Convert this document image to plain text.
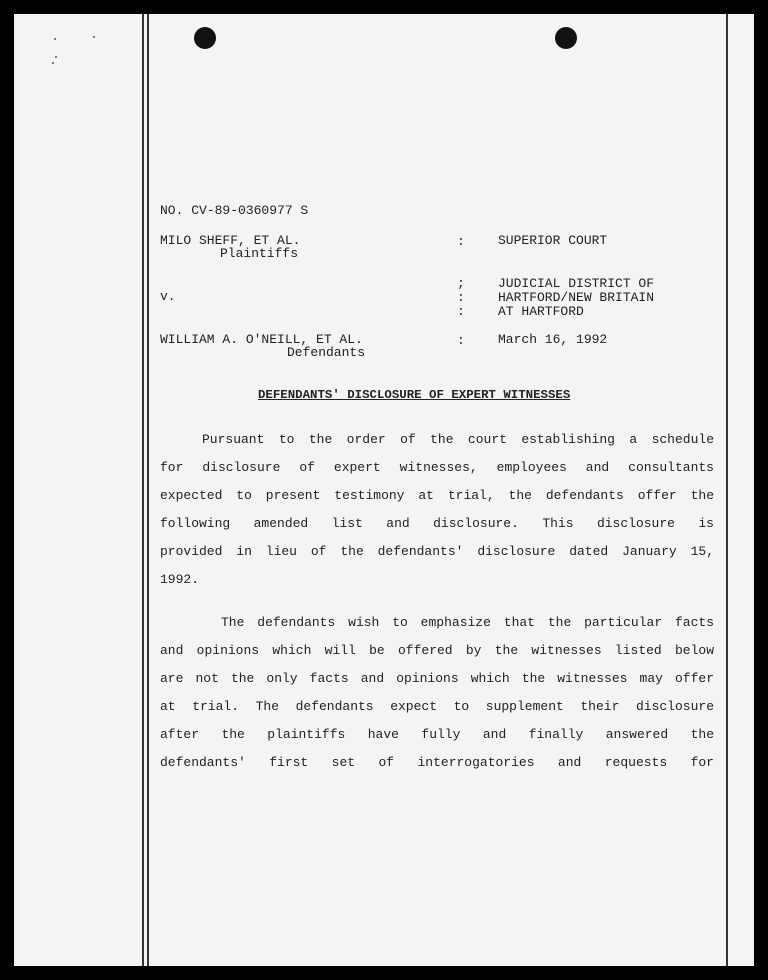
NO. CV-89-0360977 S
MILO SHEFF, ET AL.
Plaintiffs
v.
WILLIAM A. O'NEILL, ET AL.
Defendants
:
;
:
:
:
SUPERIOR COURT
JUDICIAL DISTRICT OF
HARTFORD/NEW BRITAIN
AT HARTFORD
March 16, 1992
DEFENDANTS' DISCLOSURE OF EXPERT WITNESSES
Pursuant to the order of the court establishing a schedule
for disclosure of expert witnesses, employees and consultants
expected to present testimony at trial, the defendants offer the
following amended list and disclosure. This disclosure is
provided in lieu of the defendants' disclosure dated January 15,
1992.
The defendants wish to emphasize that the particular facts
and opinions which will be offered by the witnesses listed below
are not the only facts and opinions which the witnesses may offer
at trial. The defendants expect to supplement their disclosure
after the plaintiffs have fully and finally answered the
defendants' first set of interrogatories and requests for
